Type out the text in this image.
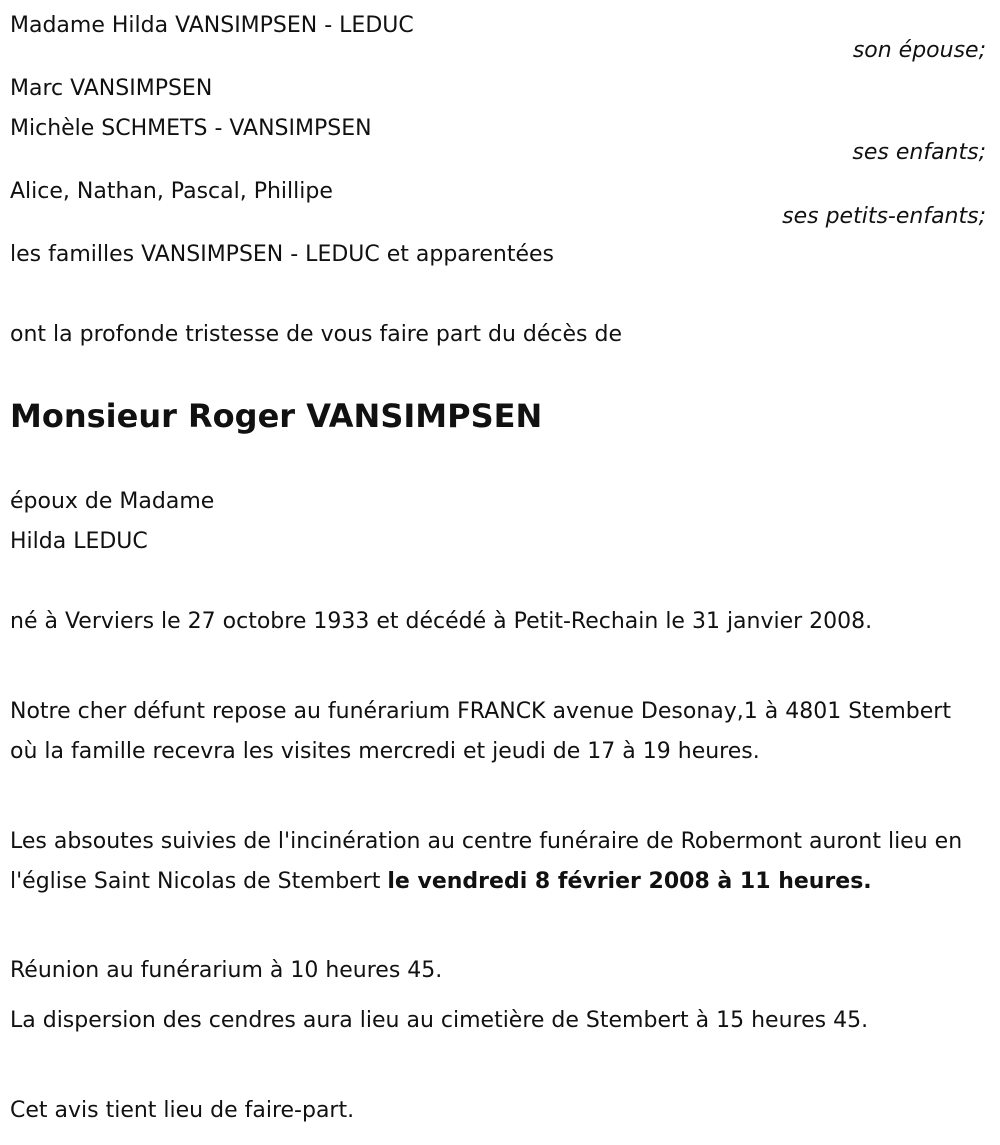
Madame Hilda VANSIMPSEN - LEDUC
son épouse;
Marc VANSIMPSEN
Michèle SCHMETS - VANSIMPSEN
ses enfants;
Alice, Nathan, Pascal, Phillipe
ses petits-enfants;
les familles VANSIMPSEN - LEDUC et apparentées
ont la profonde tristesse de vous faire part du décès de
Monsieur Roger VANSIMPSEN
époux de Madame
Hilda LEDUC
né à Verviers le 27 octobre 1933 et décédé à Petit-Rechain le 31 janvier 2008.
Notre cher défunt repose au funérarium FRANCK avenue Desonay,1 à 4801 Stembert où la famille recevra les visites mercredi et jeudi de 17 à 19 heures.
Les absoutes suivies de l'incinération au centre funéraire de Robermont auront lieu en l'église Saint Nicolas de Stembert le vendredi 8 février 2008 à 11 heures.
Réunion au funérarium à 10 heures 45.
La dispersion des cendres aura lieu au cimetière de Stembert à 15 heures 45.
Cet avis tient lieu de faire-part.
